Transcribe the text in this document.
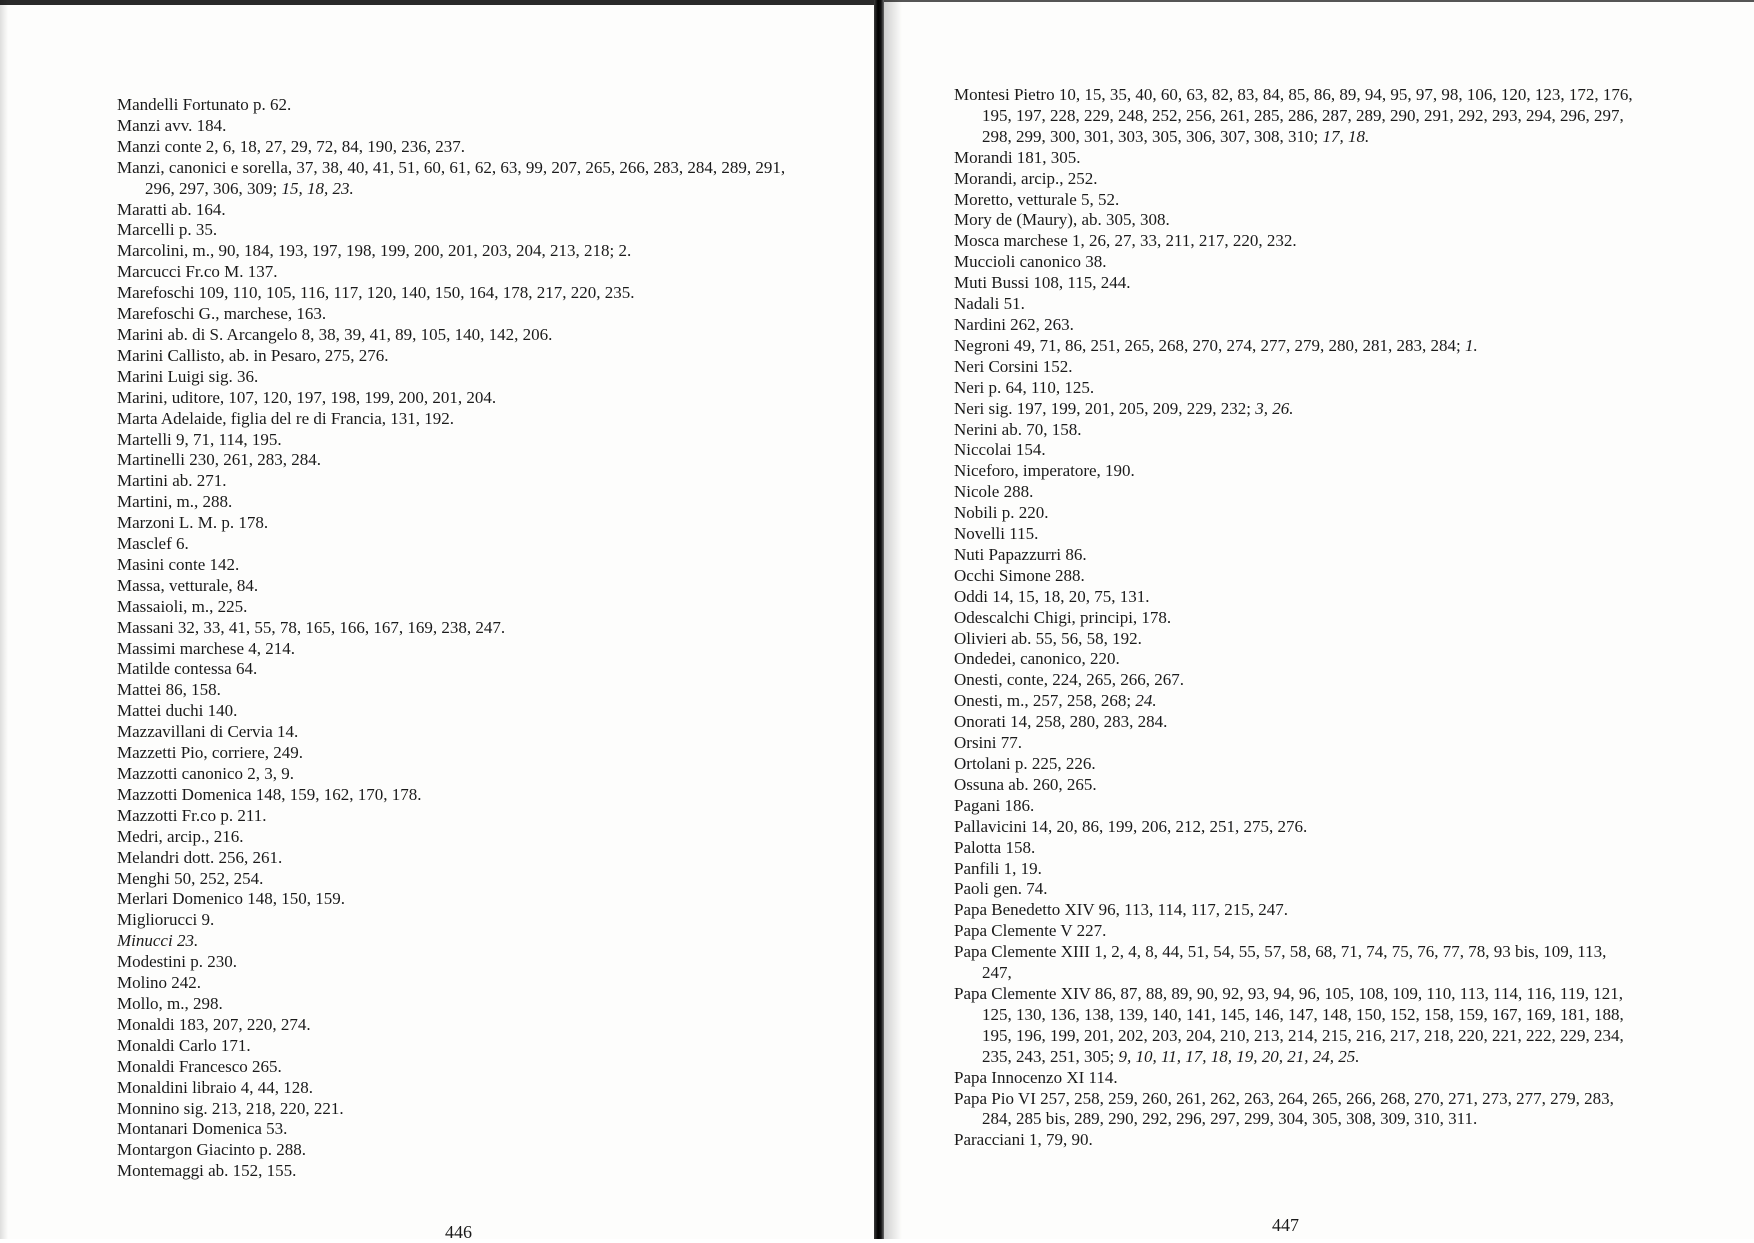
Mandelli Fortunato p. 62.
Manzi avv. 184.
Manzi conte 2, 6, 18, 27, 29, 72, 84, 190, 236, 237.
Manzi, canonici e sorella, 37, 38, 40, 41, 51, 60, 61, 62, 63, 99, 207, 265, 266, 283, 284, 289, 291, 296, 297, 306, 309; 15, 18, 23.
Maratti ab. 164.
Marcelli p. 35.
Marcolini, m., 90, 184, 193, 197, 198, 199, 200, 201, 203, 204, 213, 218; 2.
Marcucci Fr.co M. 137.
Marefoschi 109, 110, 105, 116, 117, 120, 140, 150, 164, 178, 217, 220, 235.
Marefoschi G., marchese, 163.
Marini ab. di S. Arcangelo 8, 38, 39, 41, 89, 105, 140, 142, 206.
Marini Callisto, ab. in Pesaro, 275, 276.
Marini Luigi sig. 36.
Marini, uditore, 107, 120, 197, 198, 199, 200, 201, 204.
Marta Adelaide, figlia del re di Francia, 131, 192.
Martelli 9, 71, 114, 195.
Martinelli 230, 261, 283, 284.
Martini ab. 271.
Martini, m., 288.
Marzoni L. M. p. 178.
Masclef 6.
Masini conte 142.
Massa, vetturale, 84.
Massaioli, m., 225.
Massani 32, 33, 41, 55, 78, 165, 166, 167, 169, 238, 247.
Massimi marchese 4, 214.
Matilde contessa 64.
Mattei 86, 158.
Mattei duchi 140.
Mazzavillani di Cervia 14.
Mazzetti Pio, corriere, 249.
Mazzotti canonico 2, 3, 9.
Mazzotti Domenica 148, 159, 162, 170, 178.
Mazzotti Fr.co p. 211.
Medri, arcip., 216.
Melandri dott. 256, 261.
Menghi 50, 252, 254.
Merlari Domenico 148, 150, 159.
Migliorucci 9.
Minucci 23.
Modestini p. 230.
Molino 242.
Mollo, m., 298.
Monaldi 183, 207, 220, 274.
Monaldi Carlo 171.
Monaldi Francesco 265.
Monaldini libraio 4, 44, 128.
Monnino sig. 213, 218, 220, 221.
Montanari Domenica 53.
Montargon Giacinto p. 288.
Montemaggi ab. 152, 155.
446
Montesi Pietro 10, 15, 35, 40, 60, 63, 82, 83, 84, 85, 86, 89, 94, 95, 97, 98, 106, 120, 123, 172, 176, 195, 197, 228, 229, 248, 252, 256, 261, 285, 286, 287, 289, 290, 291, 292, 293, 294, 296, 297, 298, 299, 300, 301, 303, 305, 306, 307, 308, 310; 17, 18.
Morandi 181, 305.
Morandi, arcip., 252.
Moretto, vetturale 5, 52.
Mory de (Maury), ab. 305, 308.
Mosca marchese 1, 26, 27, 33, 211, 217, 220, 232.
Muccioli canonico 38.
Muti Bussi 108, 115, 244.
Nadali 51.
Nardini 262, 263.
Negroni 49, 71, 86, 251, 265, 268, 270, 274, 277, 279, 280, 281, 283, 284; 1.
Neri Corsini 152.
Neri p. 64, 110, 125.
Neri sig. 197, 199, 201, 205, 209, 229, 232; 3, 26.
Nerini ab. 70, 158.
Niccolai 154.
Niceforo, imperatore, 190.
Nicole 288.
Nobili p. 220.
Novelli 115.
Nuti Papazzurri 86.
Occhi Simone 288.
Oddi 14, 15, 18, 20, 75, 131.
Odescalchi Chigi, principi, 178.
Olivieri ab. 55, 56, 58, 192.
Ondedei, canonico, 220.
Onesti, conte, 224, 265, 266, 267.
Onesti, m., 257, 258, 268; 24.
Onorati 14, 258, 280, 283, 284.
Orsini 77.
Ortolani p. 225, 226.
Ossuna ab. 260, 265.
Pagani 186.
Pallavicini 14, 20, 86, 199, 206, 212, 251, 275, 276.
Palotta 158.
Panfili 1, 19.
Paoli gen. 74.
Papa Benedetto XIV 96, 113, 114, 117, 215, 247.
Papa Clemente V 227.
Papa Clemente XIII 1, 2, 4, 8, 44, 51, 54, 55, 57, 58, 68, 71, 74, 75, 76, 77, 78, 93 bis, 109, 113, 247,
Papa Clemente XIV 86, 87, 88, 89, 90, 92, 93, 94, 96, 105, 108, 109, 110, 113, 114, 116, 119, 121, 125, 130, 136, 138, 139, 140, 141, 145, 146, 147, 148, 150, 152, 158, 159, 167, 169, 181, 188, 195, 196, 199, 201, 202, 203, 204, 210, 213, 214, 215, 216, 217, 218, 220, 221, 222, 229, 234, 235, 243, 251, 305; 9, 10, 11, 17, 18, 19, 20, 21, 24, 25.
Papa Innocenzo XI 114.
Papa Pio VI 257, 258, 259, 260, 261, 262, 263, 264, 265, 266, 268, 270, 271, 273, 277, 279, 283, 284, 285 bis, 289, 290, 292, 296, 297, 299, 304, 305, 308, 309, 310, 311.
Paracciani 1, 79, 90.
447
